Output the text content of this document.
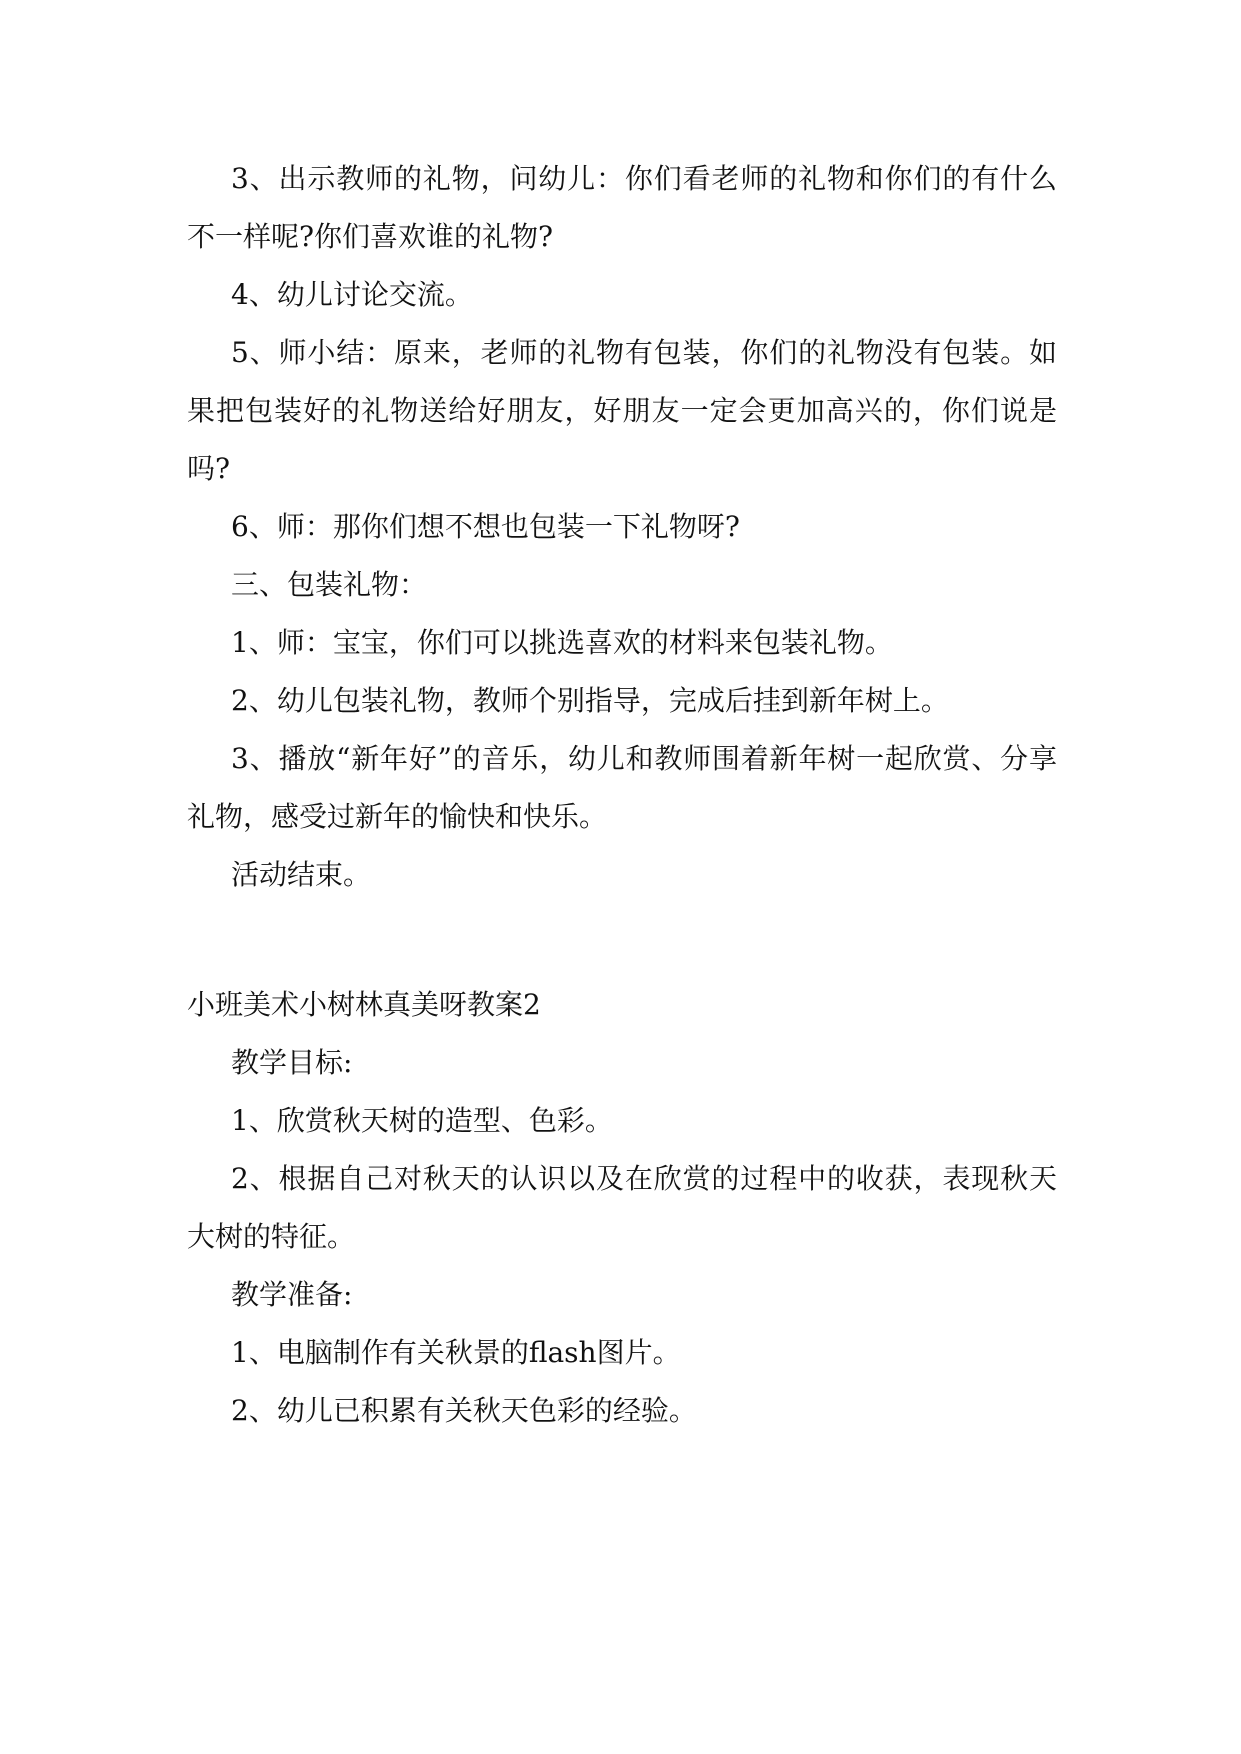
3、出示教师的礼物，问幼儿：你们看老师的礼物和你们的有什么不一样呢?你们喜欢谁的礼物?

4、幼儿讨论交流。

5、师小结：原来，老师的礼物有包装，你们的礼物没有包装。如果把包装好的礼物送给好朋友，好朋友一定会更加高兴的，你们说是吗?

6、师：那你们想不想也包装一下礼物呀?

三、包装礼物：

1、师：宝宝，你们可以挑选喜欢的材料来包装礼物。

2、幼儿包装礼物，教师个别指导，完成后挂到新年树上。

3、播放“新年好”的音乐，幼儿和教师围着新年树一起欣赏、分享礼物，感受过新年的愉快和快乐。

活动结束。

小班美术小树林真美呀教案2

教学目标:

1、欣赏秋天树的造型、色彩。

2、根据自己对秋天的认识以及在欣赏的过程中的收获，表现秋天大树的特征。

教学准备:

1、电脑制作有关秋景的flash图片。

2、幼儿已积累有关秋天色彩的经验。
